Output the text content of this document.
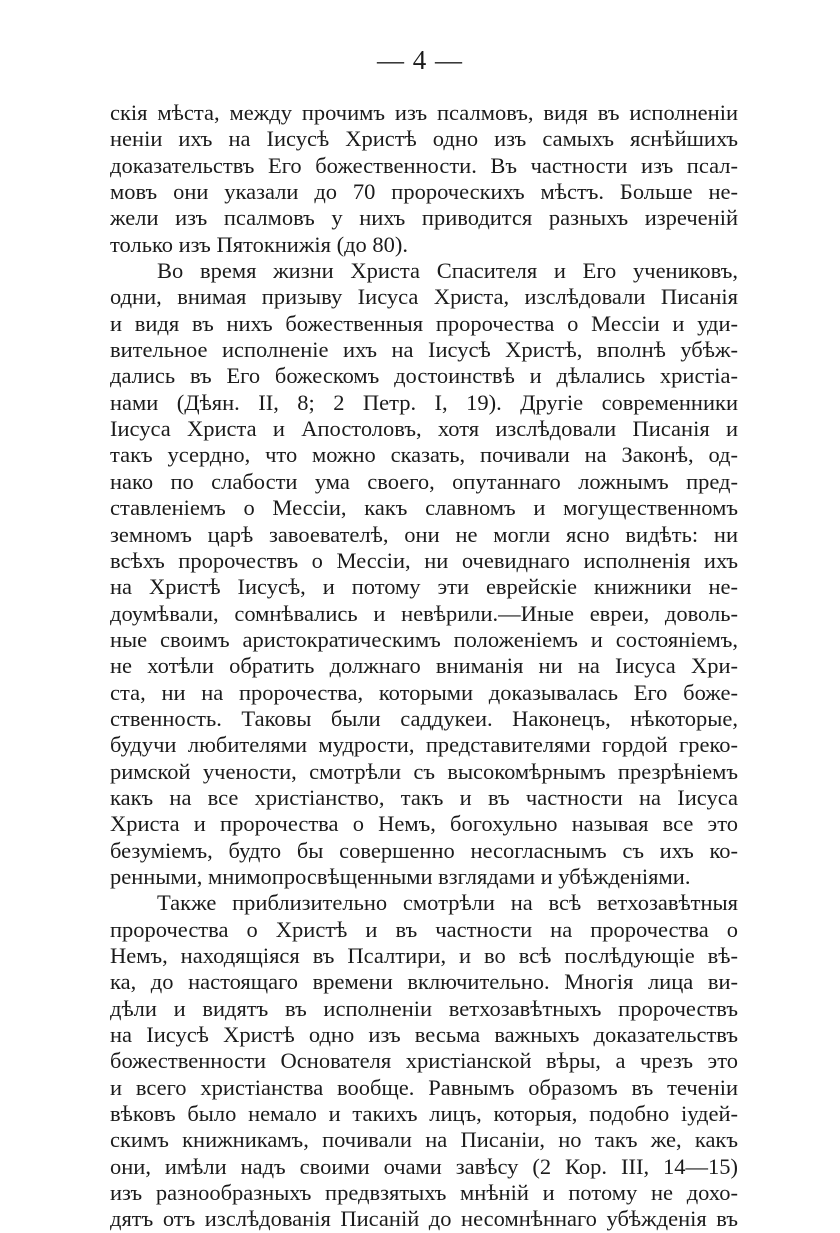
— 4 —
скія мѣста, между прочимъ изъ псалмовъ, видя въ исполненіи
неніи ихъ на Іисусѣ Христѣ одно изъ самыхъ яснѣйшихъ
доказательствъ Его божественности. Въ частности изъ псал-
мовъ они указали до 70 пророческихъ мѣстъ. Больше не-
жели изъ псалмовъ у нихъ приводится разныхъ изреченій
только изъ Пятокнижія (до 80).
Во время жизни Христа Спасителя и Его учениковъ,
одни, внимая призыву Іисуса Христа, изслѣдовали Писанія
и видя въ нихъ божественныя пророчества о Мессіи и уди-
вительное исполненіе ихъ на Іисусѣ Христѣ, вполнѣ убѣж-
дались въ Его божескомъ достоинствѣ и дѣлались христіа-
нами (Дѣян. II, 8; 2 Петр. I, 19). Другіе современники
Іисуса Христа и Апостоловъ, хотя изслѣдовали Писанія и
такъ усердно, что можно сказать, почивали на Законѣ, од-
нако по слабости ума своего, опутаннаго ложнымъ пред-
ставленіемъ о Мессіи, какъ славномъ и могущественномъ
земномъ царѣ завоевателѣ, они не могли ясно видѣть: ни
всѣхъ пророчествъ о Мессіи, ни очевиднаго исполненія ихъ
на Христѣ Іисусѣ, и потому эти еврейскіе книжники не-
доумѣвали, сомнѣвались и невѣрили.—Иные евреи, доволь-
ные своимъ аристократическимъ положеніемъ и состояніемъ,
не хотѣли обратить должнаго вниманія ни на Іисуса Хри-
ста, ни на пророчества, которыми доказывалась Его боже-
ственность. Таковы были саддукеи. Наконецъ, нѣкоторые,
будучи любителями мудрости, представителями гордой греко-
римской учености, смотрѣли съ высокомѣрнымъ презрѣніемъ
какъ на все христіанство, такъ и въ частности на Іисуса
Христа и пророчества о Немъ, богохульно называя все это
безуміемъ, будто бы совершенно несогласнымъ съ ихъ ко-
ренными, мнимопросвѣщенными взглядами и убѣжденіями.
Также приблизительно смотрѣли на всѣ ветхозавѣтныя
пророчества о Христѣ и въ частности на пророчества о
Немъ, находящіяся въ Псалтири, и во всѣ послѣдующіе вѣ-
ка, до настоящаго времени включительно. Многія лица ви-
дѣли и видятъ въ исполненіи ветхозавѣтныхъ пророчествъ
на Іисусѣ Христѣ одно изъ весьма важныхъ доказательствъ
божественности Основателя христіанской вѣры, а чрезъ это
и всего христіанства вообще. Равнымъ образомъ въ теченіи
вѣковъ было немало и такихъ лицъ, которыя, подобно іудей-
скимъ книжникамъ, почивали на Писаніи, но такъ же, какъ
они, имѣли надъ своими очами завѣсу (2 Кор. III, 14—15)
изъ разнообразныхъ предвзятыхъ мнѣній и потому не дохо-
дятъ отъ изслѣдованія Писаній до несомнѣннаго убѣжденія въ
